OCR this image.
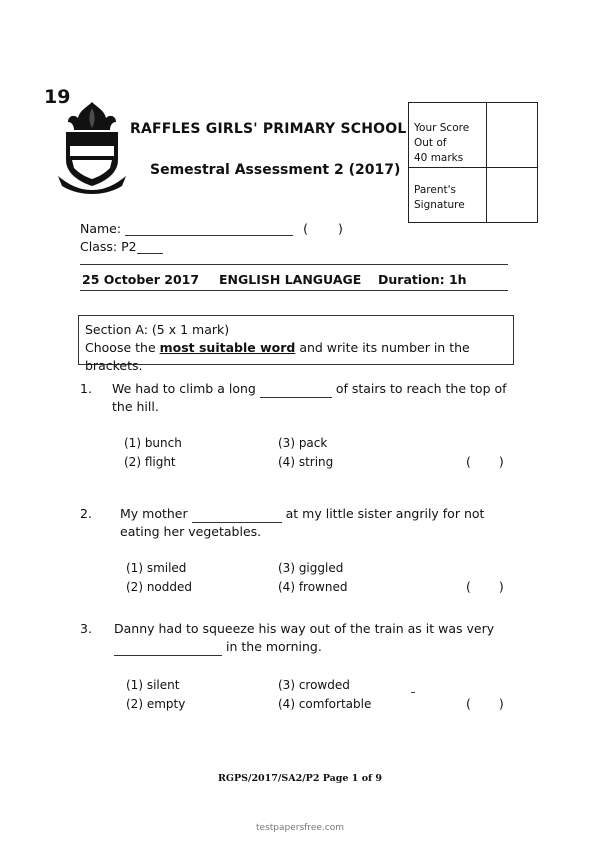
19
RAFFLES GIRLS' PRIMARY SCHOOL
Semestral Assessment 2 (2017)
Your Score
Out of
40 marks
Parent's
Signature
Name:	( )
Class: P2
25 October 2017 ENGLISH LANGUAGE Duration: 1h
Section A: (5 x 1 mark)
Choose the most suitable word and write its number in the brackets.
1. We had to climb a long	of stairs to reach the top of
the hill.
(1) bunch
(2) flight
(3) pack
(4) string	( )
2. My mother	at my little sister angrily for not
eating her vegetables.
(1) smiled
(2) nodded
(3) giggled
(4) frowned	( )
3. Danny had to squeeze his way out of the train as it was very
in the morning.
(1) silent
(2) empty
(3) crowded
(4) comfortable	( )
RGPS/2017/SA2/P2 Page 1 of 9
testpapersfree.com
